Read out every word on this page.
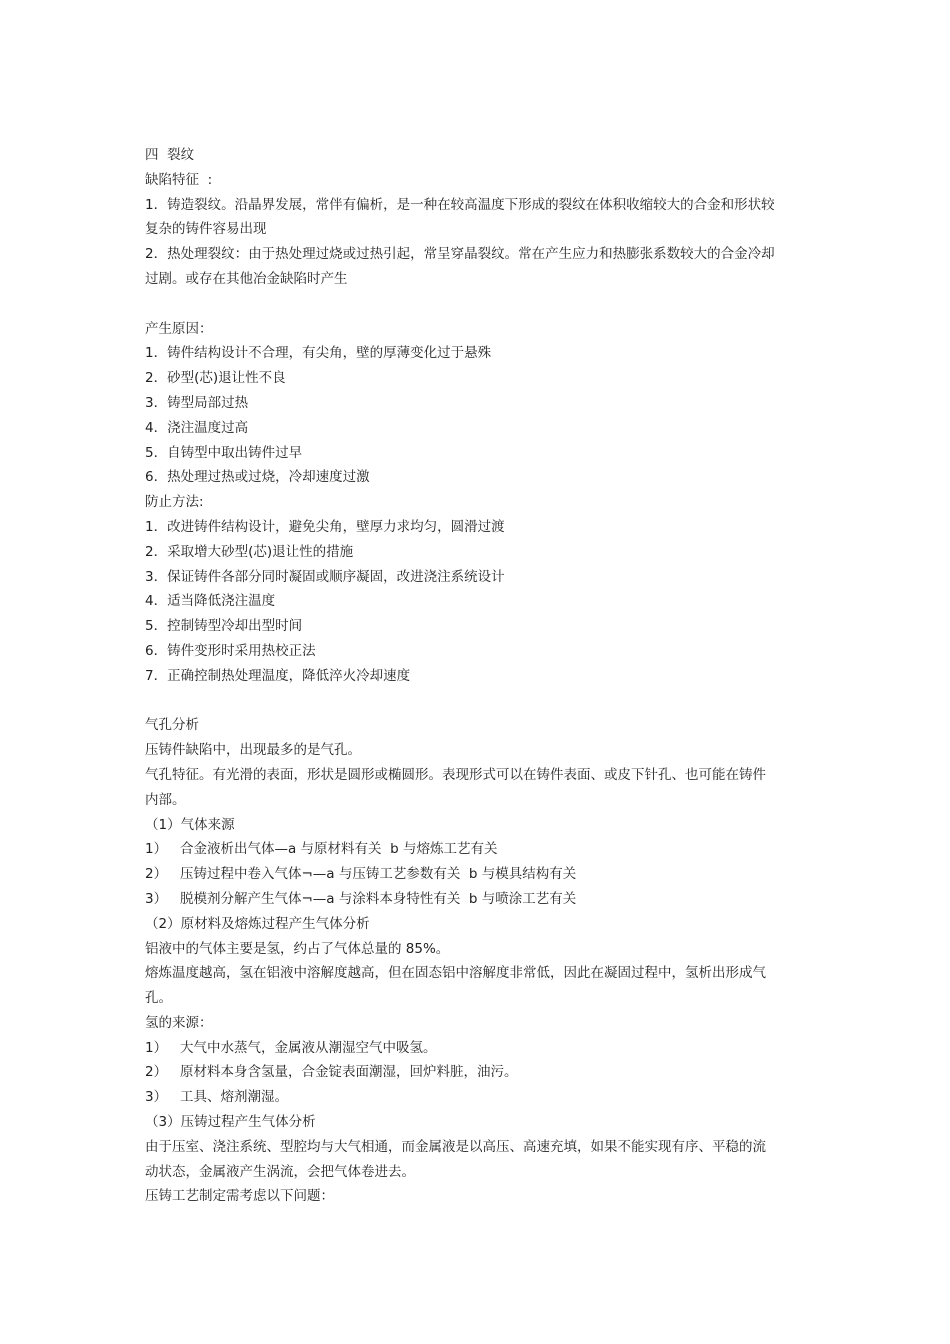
四  裂纹
缺陷特征  :
1．铸造裂纹。沿晶界发展，常伴有偏析，是一种在较高温度下形成的裂纹在体积收缩较大的合金和形状较
复杂的铸件容易出现
2．热处理裂纹：由于热处理过烧或过热引起，常呈穿晶裂纹。常在产生应力和热膨张系数较大的合金冷却
过剧。或存在其他冶金缺陷时产生
产生原因：
1．铸件结构设计不合理，有尖角，壁的厚薄变化过于悬殊
2．砂型(芯)退让性不良
3．铸型局部过热
4．浇注温度过高
5．自铸型中取出铸件过早
6．热处理过热或过烧，冷却速度过激
防止方法:
1．改进铸件结构设计，避免尖角，壁厚力求均匀，圆滑过渡
2．采取增大砂型(芯)退让性的措施
3．保证铸件各部分同时凝固或顺序凝固，改进浇注系统设计
4．适当降低浇注温度
5．控制铸型冷却出型时间
6．铸件变形时采用热校正法
7．正确控制热处理温度，降低淬火冷却速度
气孔分析
压铸件缺陷中，出现最多的是气孔。
气孔特征。有光滑的表面，形状是圆形或椭圆形。表现形式可以在铸件表面、或皮下针孔、也可能在铸件
内部。
（1）气体来源
1）   合金液析出气体—a 与原材料有关  b 与熔炼工艺有关
2）   压铸过程中卷入气体¬—a 与压铸工艺参数有关  b 与模具结构有关
3）   脱模剂分解产生气体¬—a 与涂料本身特性有关  b 与喷涂工艺有关
（2）原材料及熔炼过程产生气体分析
铝液中的气体主要是氢，约占了气体总量的 85%。
熔炼温度越高，氢在铝液中溶解度越高，但在固态铝中溶解度非常低，因此在凝固过程中，氢析出形成气
孔。
氢的来源：
1）   大气中水蒸气，金属液从潮湿空气中吸氢。
2）   原材料本身含氢量，合金锭表面潮湿，回炉料脏，油污。
3）   工具、熔剂潮湿。
（3）压铸过程产生气体分析
由于压室、浇注系统、型腔均与大气相通，而金属液是以高压、高速充填，如果不能实现有序、平稳的流
动状态，金属液产生涡流，会把气体卷进去。
压铸工艺制定需考虑以下问题：
